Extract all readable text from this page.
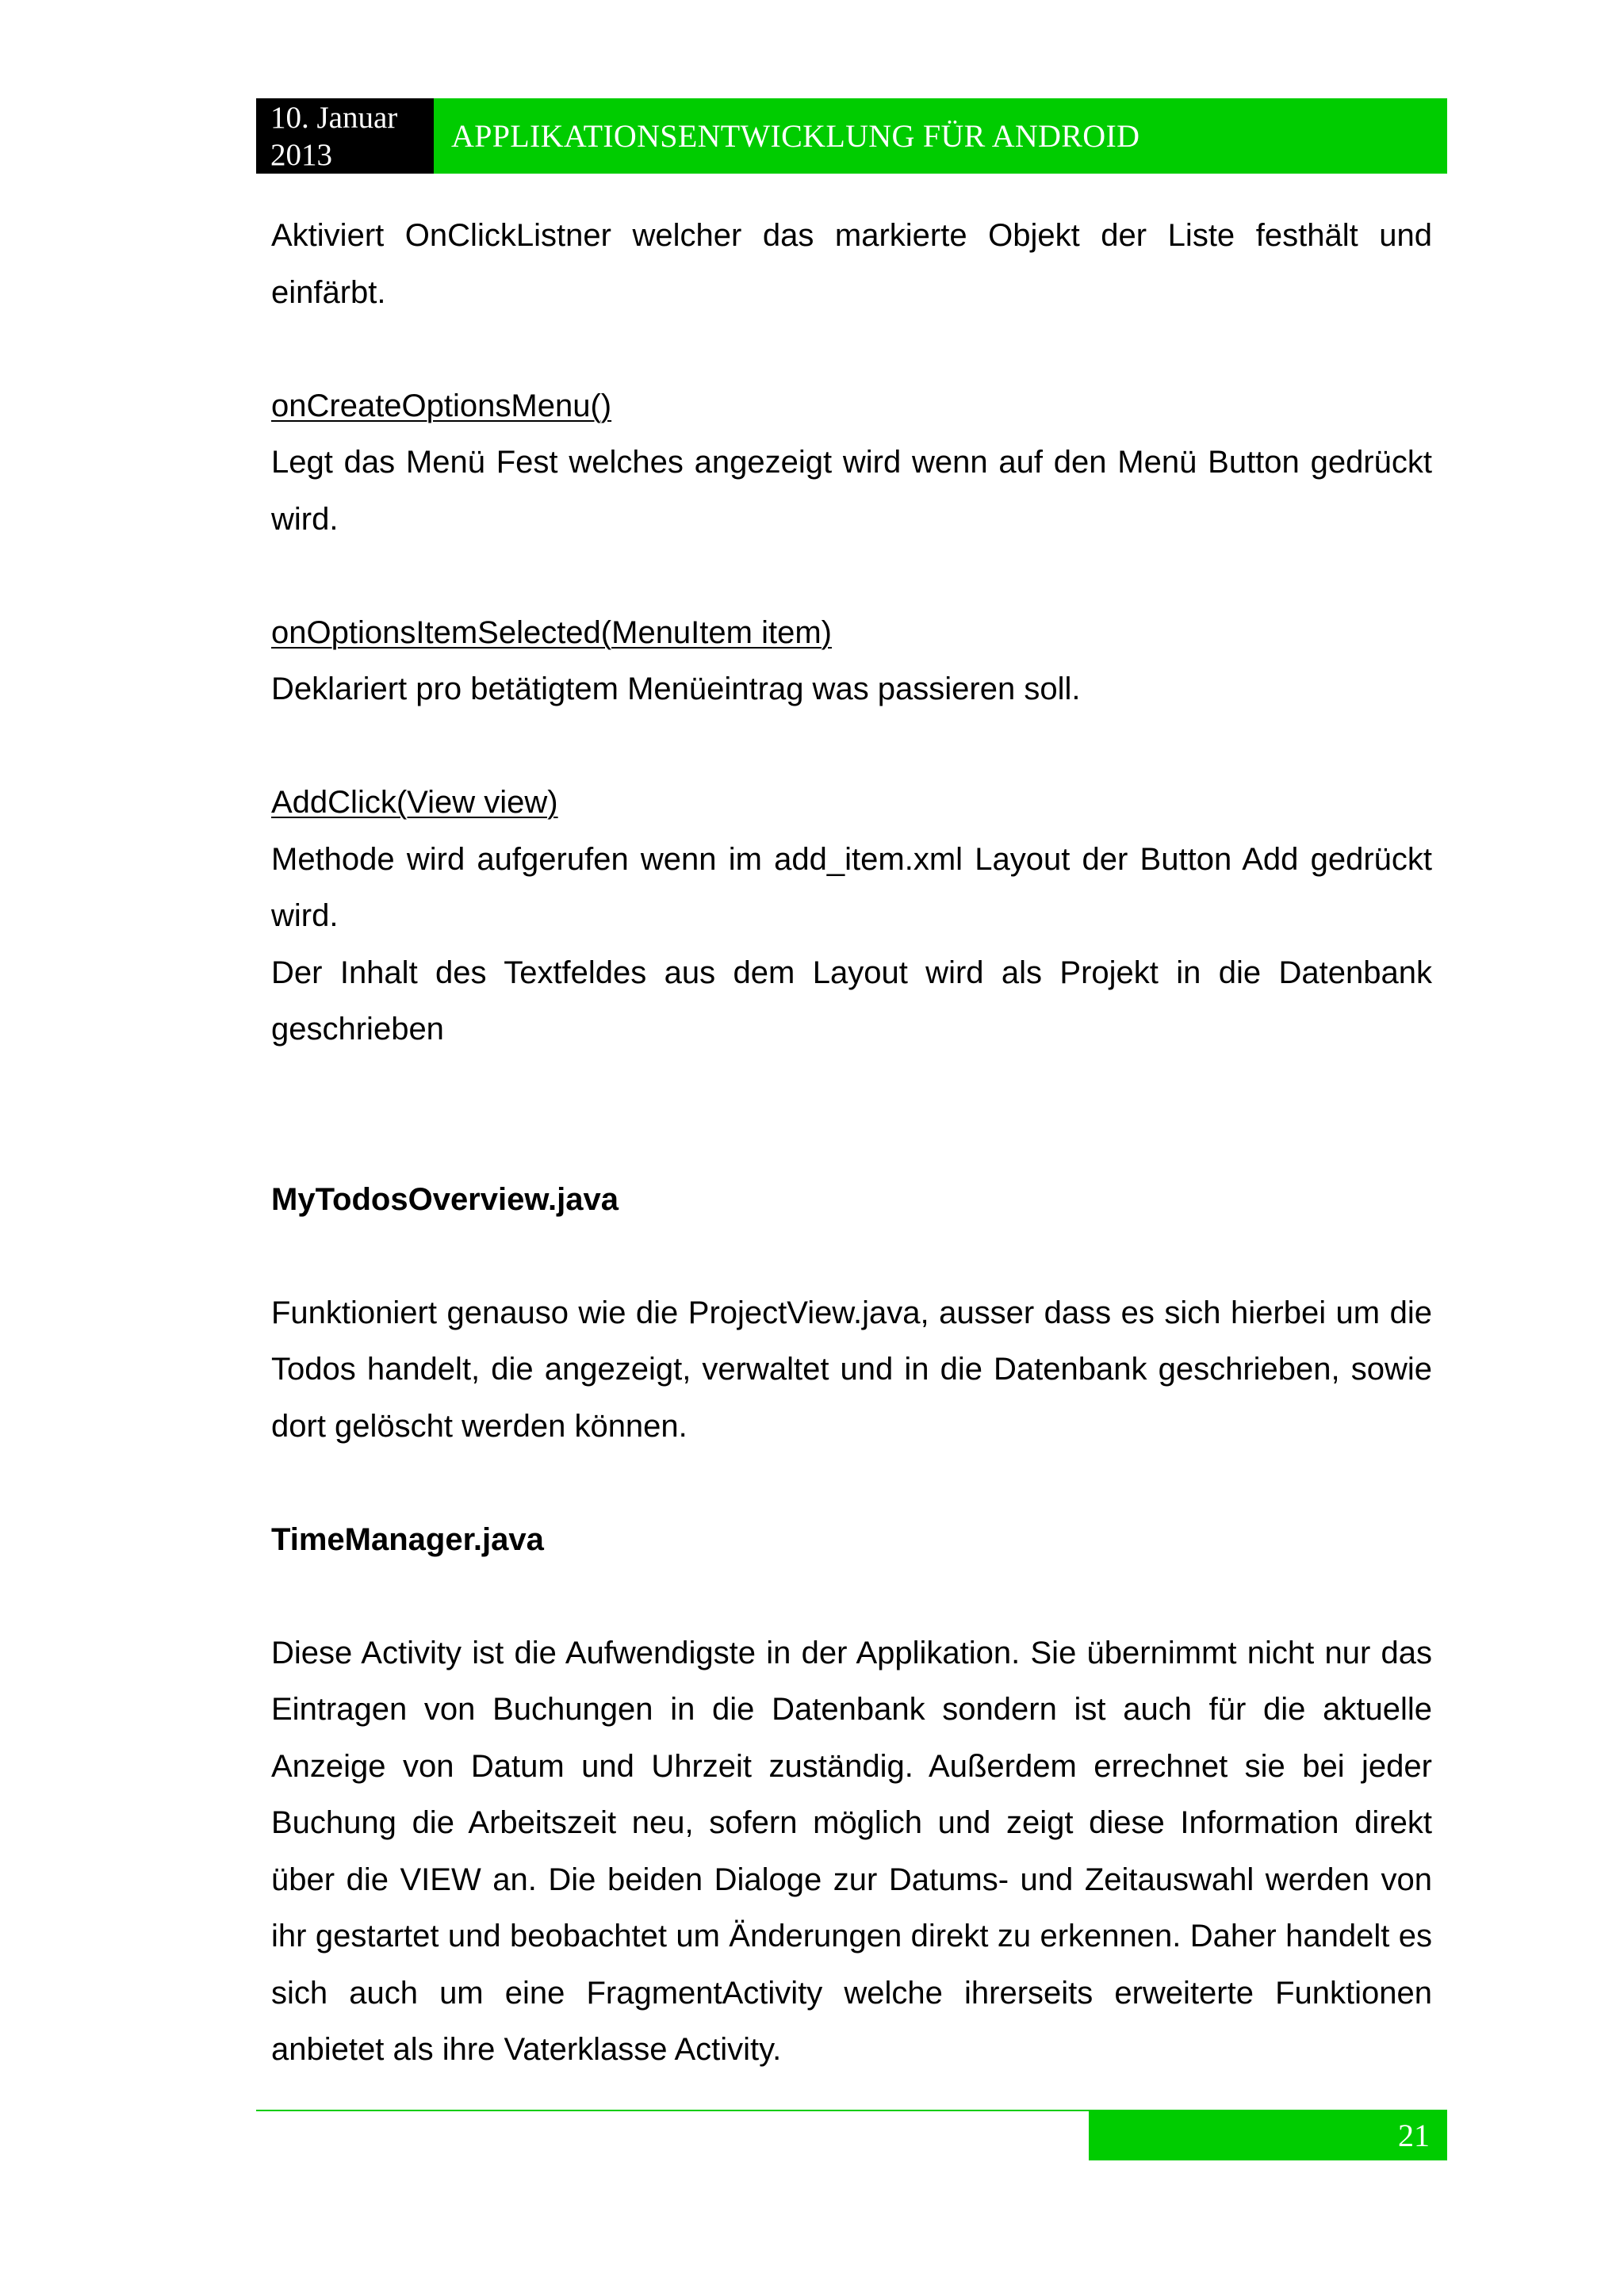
10. Januar
2013
APPLIKATIONSENTWICKLUNG FÜR ANDROID

Aktiviert OnClickListner welcher das markierte Objekt der Liste festhält und einfärbt.

onCreateOptionsMenu()

Legt das Menü Fest welches angezeigt wird wenn auf den Menü Button gedrückt wird.

onOptionsItemSelected(MenuItem item)

Deklariert pro betätigtem Menüeintrag was passieren soll.

AddClick(View view)

Methode wird aufgerufen wenn im add_item.xml Layout der Button Add gedrückt wird.

Der Inhalt des Textfeldes aus dem Layout wird als Projekt in die Datenbank geschrieben

MyTodosOverview.java

Funktioniert genauso wie die ProjectView.java, ausser dass es sich hierbei um die Todos handelt, die angezeigt, verwaltet und in die Datenbank geschrieben, sowie dort gelöscht werden können.

TimeManager.java

Diese Activity ist die Aufwendigste in der Applikation. Sie übernimmt nicht nur das Eintragen von Buchungen in die Datenbank sondern ist auch für die aktuelle Anzeige von Datum und Uhrzeit zuständig. Außerdem errechnet sie bei jeder Buchung die Arbeitszeit neu, sofern möglich und zeigt diese Information direkt über die VIEW an. Die beiden Dialoge zur Datums- und Zeitauswahl werden von ihr gestartet und beobachtet um Änderungen direkt zu erkennen. Daher handelt es sich auch um eine FragmentActivity welche ihrerseits erweiterte Funktionen anbietet als ihre Vaterklasse Activity.

21
